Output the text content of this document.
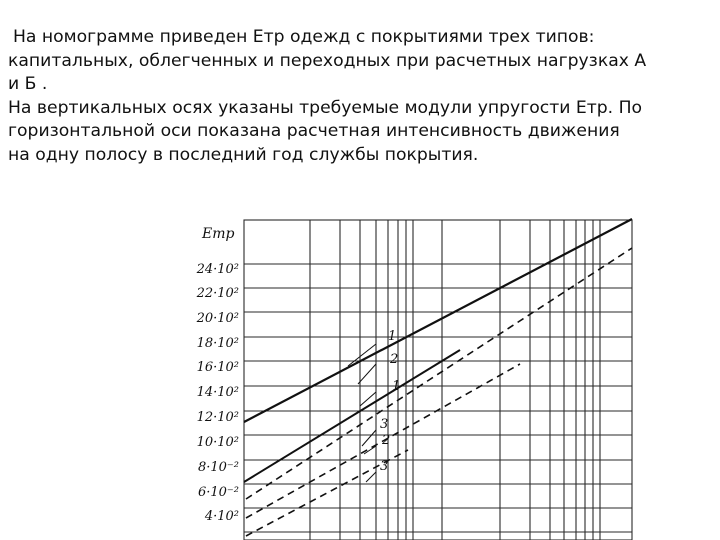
На номограмме приведен Етр одежд с покрытиями трех типов:
капитальных, облегченных и переходных при расчетных нагрузках А
и Б .
На вертикальных осях указаны требуемые модули упругости Етр. По
горизонтальной оси показана расчетная интенсивность движения
на одну полосу в последний год службы покрытия.
Етр
24·10²
22·10²
20·10²
18·10²
16·10²
14·10²
12·10²
10·10²
8·10⁻²
6·10⁻²
4·10²
1
2
1
3
2
3
